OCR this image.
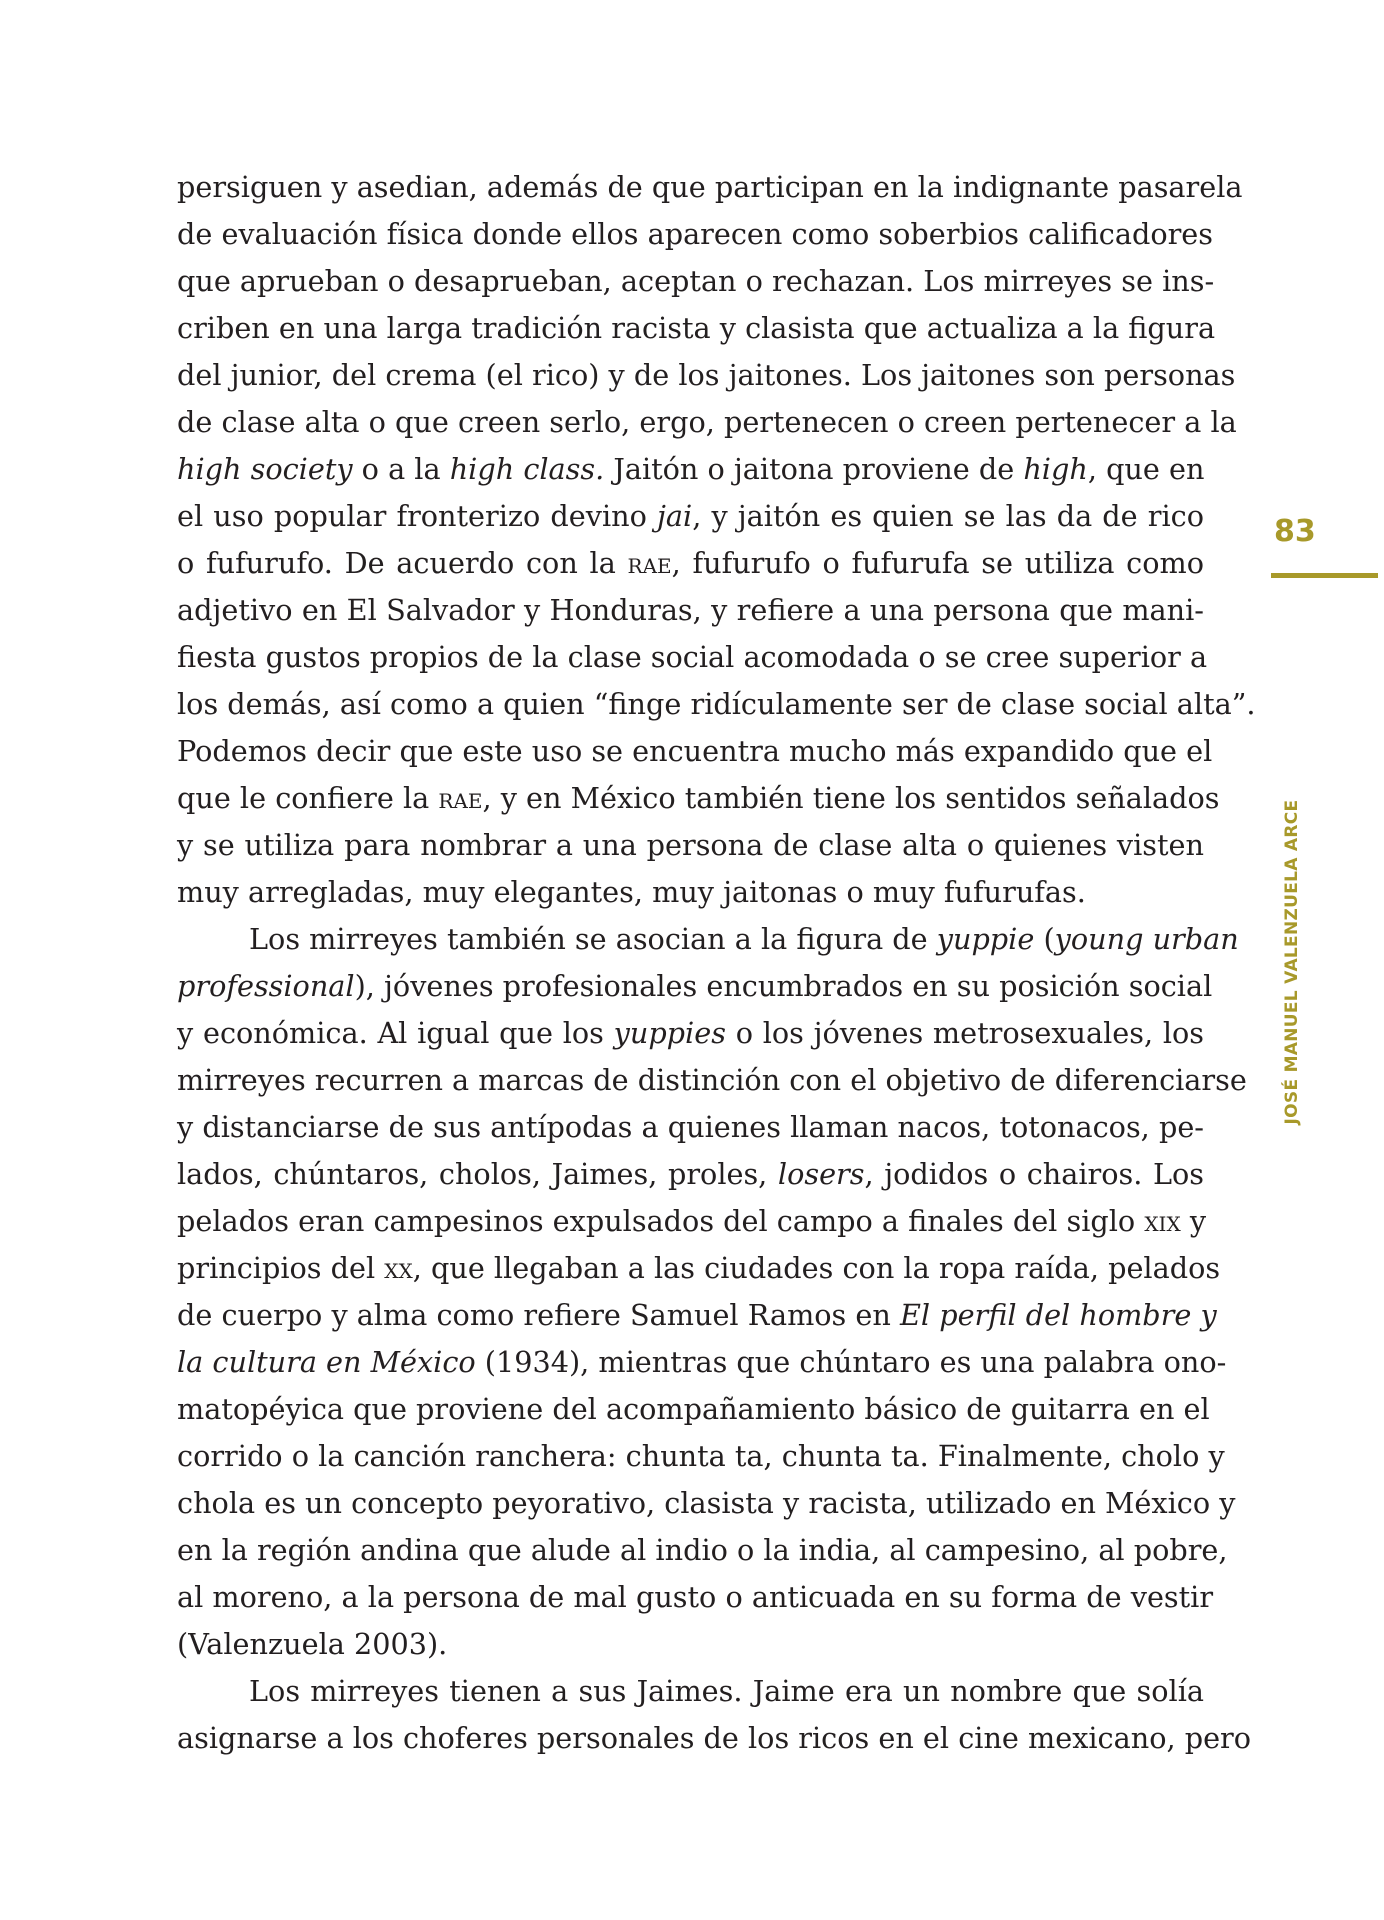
persiguen y asedian, además de que participan en la indignante pasarela
de evaluación física donde ellos aparecen como soberbios calificadores
que aprueban o desaprueban, aceptan o rechazan. Los mirreyes se ins-
criben en una larga tradición racista y clasista que actualiza a la figura
del junior, del crema (el rico) y de los jaitones. Los jaitones son personas
de clase alta o que creen serlo, ergo, pertenecen o creen pertenecer a la
high society o a la high class. Jaitón o jaitona proviene de high, que en
el uso popular fronterizo devino jai, y jaitón es quien se las da de rico
o fufurufo. De acuerdo con la rae, fufurufo o fufurufa se utiliza como
adjetivo en El Salvador y Honduras, y refiere a una persona que mani-
fiesta gustos propios de la clase social acomodada o se cree superior a
los demás, así como a quien “finge ridículamente ser de clase social alta”.
Podemos decir que este uso se encuentra mucho más expandido que el
que le confiere la rae, y en México también tiene los sentidos señalados
y se utiliza para nombrar a una persona de clase alta o quienes visten
muy arregladas, muy elegantes, muy jaitonas o muy fufurufas.
Los mirreyes también se asocian a la figura de yuppie (young urban
professional), jóvenes profesionales encumbrados en su posición social
y económica. Al igual que los yuppies o los jóvenes metrosexuales, los
mirreyes recurren a marcas de distinción con el objetivo de diferenciarse
y distanciarse de sus antípodas a quienes llaman nacos, totonacos, pe-
lados, chúntaros, cholos, Jaimes, proles, losers, jodidos o chairos. Los
pelados eran campesinos expulsados del campo a finales del siglo xix y
principios del xx, que llegaban a las ciudades con la ropa raída, pelados
de cuerpo y alma como refiere Samuel Ramos en El perfil del hombre y
la cultura en México (1934), mientras que chúntaro es una palabra ono-
matopéyica que proviene del acompañamiento básico de guitarra en el
corrido o la canción ranchera: chunta ta, chunta ta. Finalmente, cholo y
chola es un concepto peyorativo, clasista y racista, utilizado en México y
en la región andina que alude al indio o la india, al campesino, al pobre,
al moreno, a la persona de mal gusto o anticuada en su forma de vestir
(Valenzuela 2003).
Los mirreyes tienen a sus Jaimes. Jaime era un nombre que solía
asignarse a los choferes personales de los ricos en el cine mexicano, pero
83
JOSÉ MANUEL VALENZUELA ARCE
